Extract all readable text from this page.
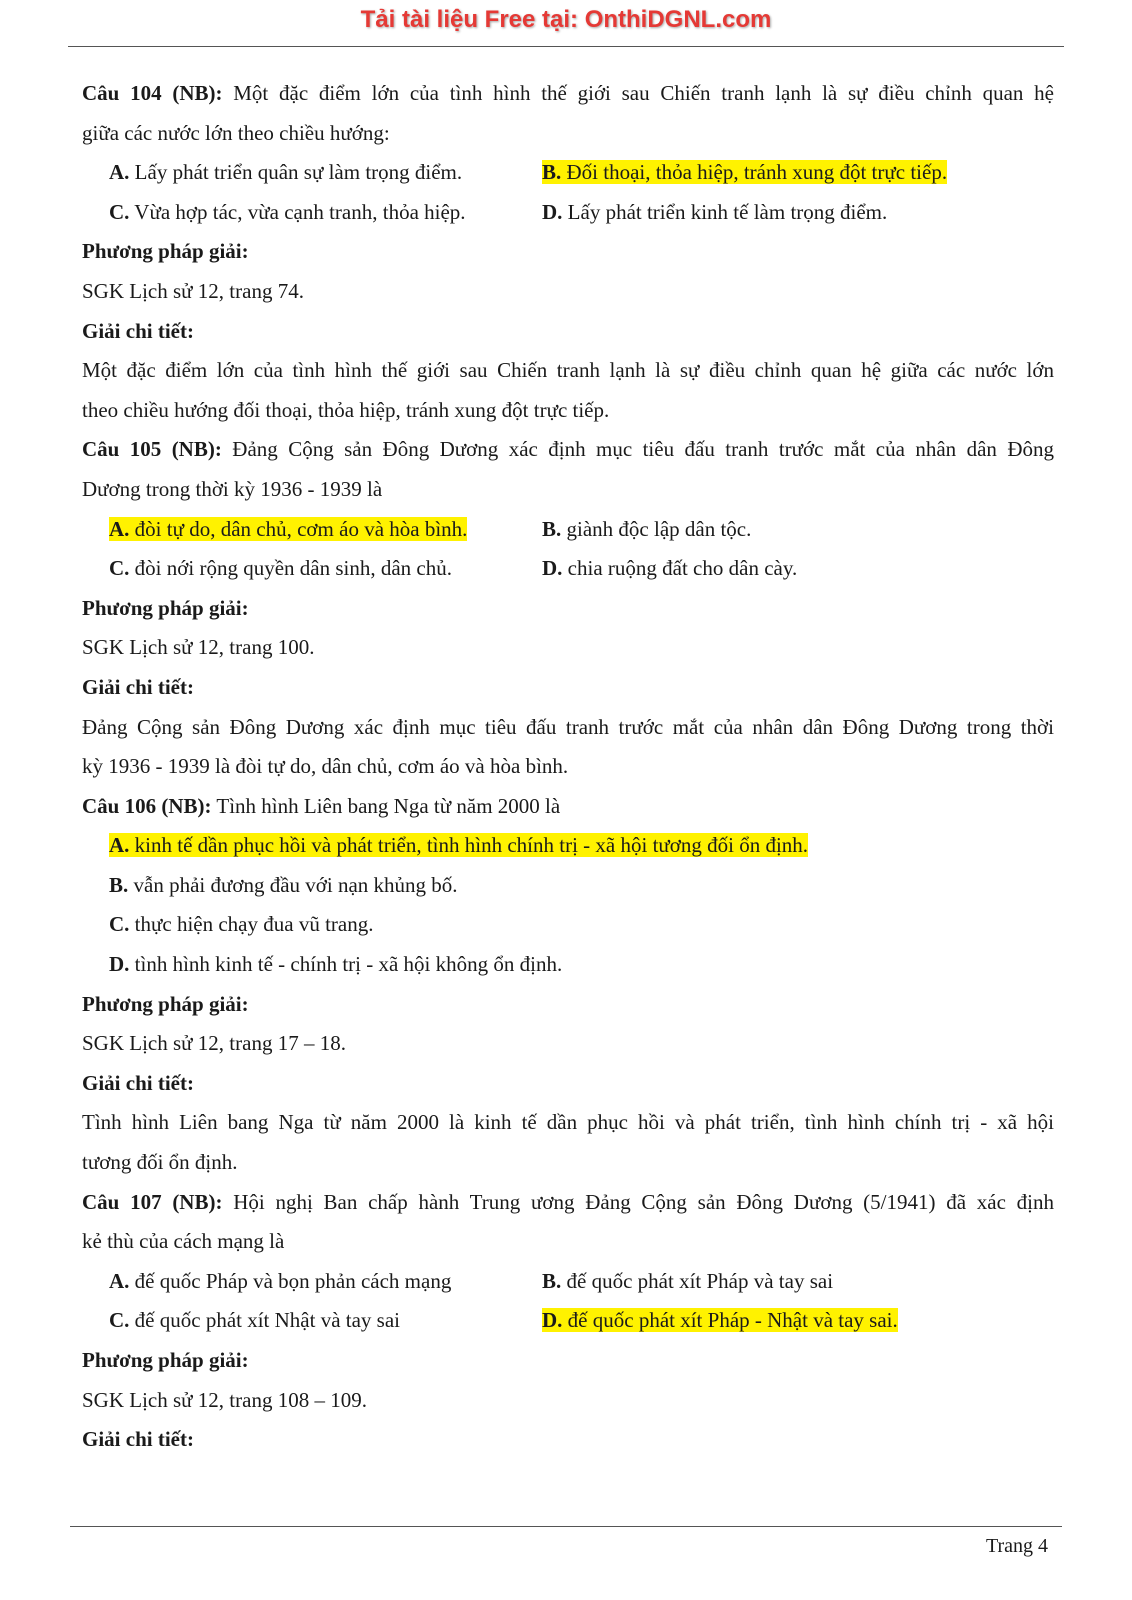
Tải tài liệu Free tại: OnthiDGNL.com
Câu 104 (NB): Một đặc điểm lớn của tình hình thế giới sau Chiến tranh lạnh là sự điều chỉnh quan hệ
giữa các nước lớn theo chiều hướng:
A. Lấy phát triển quân sự làm trọng điểm.	B. Đối thoại, thỏa hiệp, tránh xung đột trực tiếp.
C. Vừa hợp tác, vừa cạnh tranh, thỏa hiệp.	D. Lấy phát triển kinh tế làm trọng điểm.
Phương pháp giải:
SGK Lịch sử 12, trang 74.
Giải chi tiết:
Một đặc điểm lớn của tình hình thế giới sau Chiến tranh lạnh là sự điều chỉnh quan hệ giữa các nước lớn
theo chiều hướng đối thoại, thỏa hiệp, tránh xung đột trực tiếp.
Câu 105 (NB): Đảng Cộng sản Đông Dương xác định mục tiêu đấu tranh trước mắt của nhân dân Đông
Dương trong thời kỳ 1936 - 1939 là
A. đòi tự do, dân chủ, cơm áo và hòa bình.	B. giành độc lập dân tộc.
C. đòi nới rộng quyền dân sinh, dân chủ.	D. chia ruộng đất cho dân cày.
Phương pháp giải:
SGK Lịch sử 12, trang 100.
Giải chi tiết:
Đảng Cộng sản Đông Dương xác định mục tiêu đấu tranh trước mắt của nhân dân Đông Dương trong thời
kỳ 1936 - 1939 là đòi tự do, dân chủ, cơm áo và hòa bình.
Câu 106 (NB): Tình hình Liên bang Nga từ năm 2000 là
A. kinh tế dần phục hồi và phát triển, tình hình chính trị - xã hội tương đối ổn định.
B. vẫn phải đương đầu với nạn khủng bố.
C. thực hiện chạy đua vũ trang.
D. tình hình kinh tế - chính trị - xã hội không ổn định.
Phương pháp giải:
SGK Lịch sử 12, trang 17 – 18.
Giải chi tiết:
Tình hình Liên bang Nga từ năm 2000 là kinh tế dần phục hồi và phát triển, tình hình chính trị - xã hội
tương đối ổn định.
Câu 107 (NB): Hội nghị Ban chấp hành Trung ương Đảng Cộng sản Đông Dương (5/1941) đã xác định
kẻ thù của cách mạng là
A. đế quốc Pháp và bọn phản cách mạng	B. đế quốc phát xít Pháp và tay sai
C. đế quốc phát xít Nhật và tay sai	D. đế quốc phát xít Pháp - Nhật và tay sai.
Phương pháp giải:
SGK Lịch sử 12, trang 108 – 109.
Giải chi tiết:
Trang 4
